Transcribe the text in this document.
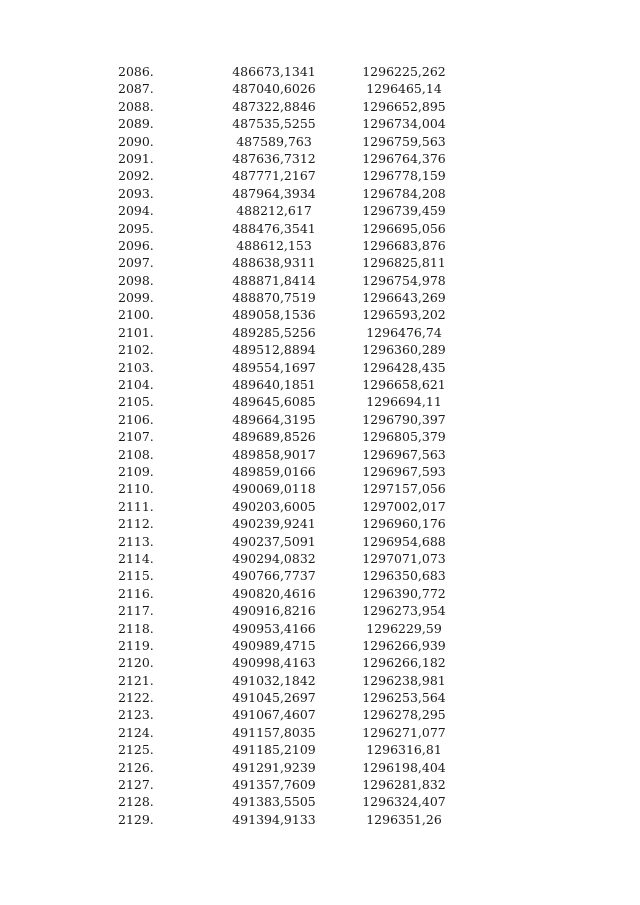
2086.	486673,1341	1296225,262
2087.	487040,6026	1296465,14
2088.	487322,8846	1296652,895
2089.	487535,5255	1296734,004
2090.	487589,763	1296759,563
2091.	487636,7312	1296764,376
2092.	487771,2167	1296778,159
2093.	487964,3934	1296784,208
2094.	488212,617	1296739,459
2095.	488476,3541	1296695,056
2096.	488612,153	1296683,876
2097.	488638,9311	1296825,811
2098.	488871,8414	1296754,978
2099.	488870,7519	1296643,269
2100.	489058,1536	1296593,202
2101.	489285,5256	1296476,74
2102.	489512,8894	1296360,289
2103.	489554,1697	1296428,435
2104.	489640,1851	1296658,621
2105.	489645,6085	1296694,11
2106.	489664,3195	1296790,397
2107.	489689,8526	1296805,379
2108.	489858,9017	1296967,563
2109.	489859,0166	1296967,593
2110.	490069,0118	1297157,056
2111.	490203,6005	1297002,017
2112.	490239,9241	1296960,176
2113.	490237,5091	1296954,688
2114.	490294,0832	1297071,073
2115.	490766,7737	1296350,683
2116.	490820,4616	1296390,772
2117.	490916,8216	1296273,954
2118.	490953,4166	1296229,59
2119.	490989,4715	1296266,939
2120.	490998,4163	1296266,182
2121.	491032,1842	1296238,981
2122.	491045,2697	1296253,564
2123.	491067,4607	1296278,295
2124.	491157,8035	1296271,077
2125.	491185,2109	1296316,81
2126.	491291,9239	1296198,404
2127.	491357,7609	1296281,832
2128.	491383,5505	1296324,407
2129.	491394,9133	1296351,26
